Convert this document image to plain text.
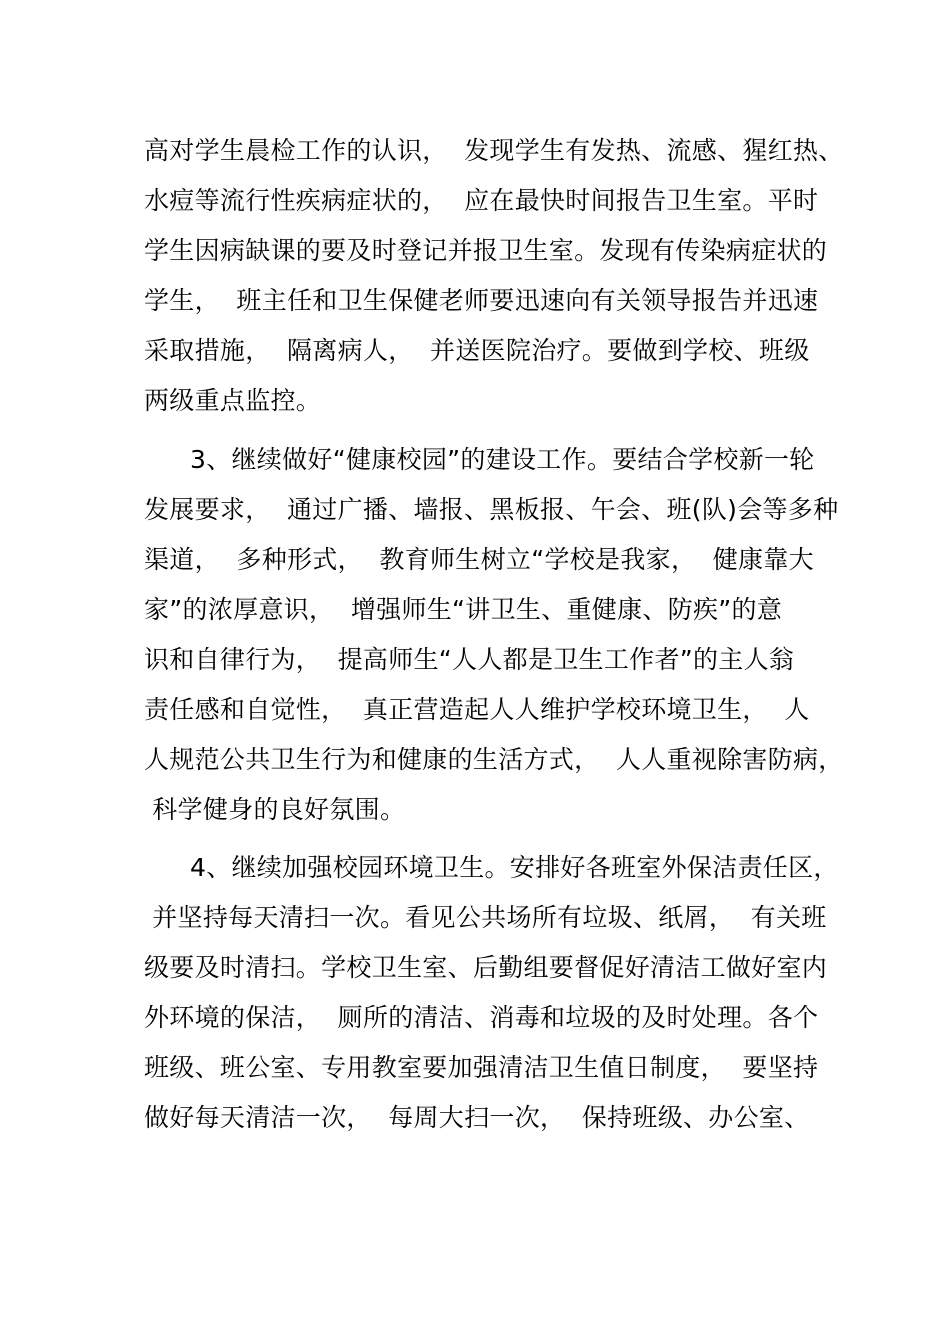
高对学生晨检工作的认识，  发现学生有发热、流感、猩红热、
水痘等流行性疾病症状的，  应在最快时间报告卫生室。平时
学生因病缺课的要及时登记并报卫生室。发现有传染病症状的
学生，  班主任和卫生保健老师要迅速向有关领导报告并迅速
采取措施，  隔离病人，  并送医院治疗。要做到学校、班级
两级重点监控。
3、继续做好“健康校园”的建设工作。要结合学校新一轮
发展要求，  通过广播、墙报、黑板报、午会、班(队)会等多种
渠道，  多种形式，  教育师生树立“学校是我家，  健康靠大
家”的浓厚意识，  增强师生“讲卫生、重健康、防疾”的意
识和自律行为，  提高师生“人人都是卫生工作者”的主人翁
责任感和自觉性，  真正营造起人人维护学校环境卫生，  人
人规范公共卫生行为和健康的生活方式，  人人重视除害防病，
科学健身的良好氛围。
4、继续加强校园环境卫生。安排好各班室外保洁责任区，
并坚持每天清扫一次。看见公共场所有垃圾、纸屑，  有关班
级要及时清扫。学校卫生室、后勤组要督促好清洁工做好室内
外环境的保洁，  厕所的清洁、消毒和垃圾的及时处理。各个
班级、班公室、专用教室要加强清洁卫生值日制度，  要坚持
做好每天清洁一次，  每周大扫一次，  保持班级、办公室、
